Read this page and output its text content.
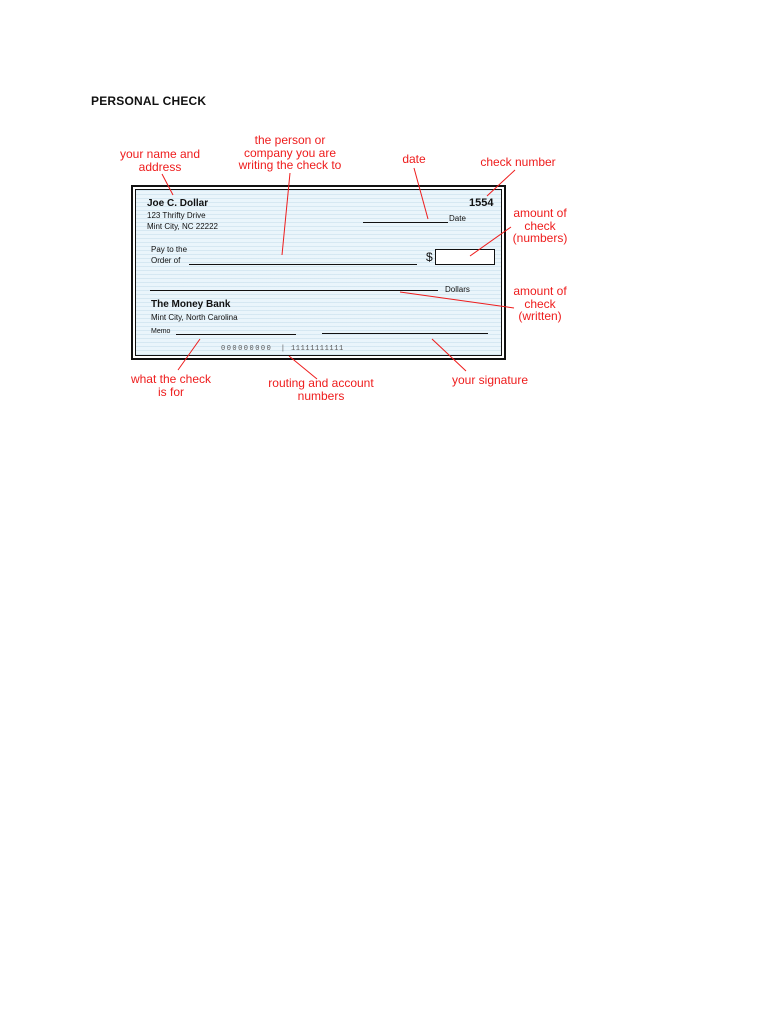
PERSONAL CHECK
Joe C. Dollar
123 Thrifty Drive
Mint City, NC 22222
1554
Date
Pay to the
Order of	$
Dollars
The Money Bank
Mint City, North Carolina
Memo
000000000 | 11111111111
your name and
address
the person or
company you are
writing the check to	date	check number
amount of
check
(numbers)
amount of
check
(written)
what the check
is for
routing and account
numbers
your signature
